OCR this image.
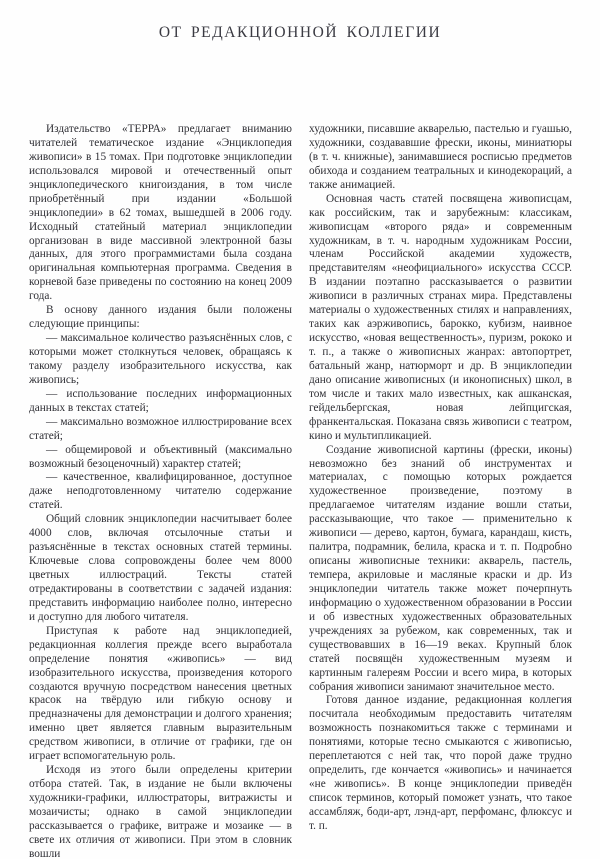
ОТ РЕДАКЦИОННОЙ КОЛЛЕГИИ

Издательство «ТЕРРА» предлагает вниманию читателей тематическое издание «Энциклопедия живописи» в 15 томах. При подготовке энциклопедии использовался мировой и отечественный опыт энциклопедического книгоиздания, в том числе приобретённый при издании «Большой энциклопедии» в 62 томах, вышедшей в 2006 году. Исходный статейный материал энциклопедии организован в виде массивной электронной базы данных, для этого программистами была создана оригинальная компьютерная программа. Сведения в корневой базе приведены по состоянию на конец 2009 года.

В основу данного издания были положены следующие принципы:

— максимальное количество разъяснённых слов, с которыми может столкнуться человек, обращаясь к такому разделу изобразительного искусства, как живопись;

— использование последних информационных данных в текстах статей;

— максимально возможное иллюстрирование всех статей;

— общемировой и объективный (максимально возможный безоценочный) характер статей;

— качественное, квалифицированное, доступное даже неподготовленному читателю содержание статей.

Общий словник энциклопедии насчитывает более 4000 слов, включая отсылочные статьи и разъяснённые в текстах основных статей термины. Ключевые слова сопровождены более чем 8000 цветных иллюстраций. Тексты статей отредактированы в соответствии с задачей издания: представить информацию наиболее полно, интересно и доступно для любого читателя.

Приступая к работе над энциклопедией, редакционная коллегия прежде всего выработала определение понятия «живопись» — вид изобразительного искусства, произведения которого создаются вручную посредством нанесения цветных красок на твёрдую или гибкую основу и предназначены для демонстрации и долгого хранения; именно цвет является главным выразительным средством живописи, в отличие от графики, где он играет вспомогательную роль.

Исходя из этого были определены критерии отбора статей. Так, в издание не были включены художники-графики, иллюстраторы, витражисты и мозаичисты; однако в самой энциклопедии рассказывается о графике, витраже и мозаике — в свете их отличия от живописи. При этом в словник вошли

художники, писавшие акварелью, пастелью и гуашью, художники, создававшие фрески, иконы, миниатюры (в т. ч. книжные), занимавшиеся росписью предметов обихода и созданием театральных и кинодекораций, а также анимацией.

Основная часть статей посвящена живописцам, как российским, так и зарубежным: классикам, живописцам «второго ряда» и современным художникам, в т. ч. народным художникам России, членам Российской академии художеств, представителям «неофициального» искусства СССР. В издании поэтапно рассказывается о развитии живописи в различных странах мира. Представлены материалы о художественных стилях и направлениях, таких как аэрживопись, барокко, кубизм, наивное искусство, «новая вещественность», пуризм, рококо и т. п., а также о живописных жанрах: автопортрет, батальный жанр, натюрморт и др. В энциклопедии дано описание живописных (и иконописных) школ, в том числе и таких мало известных, как ашканская, гейдельбергская, новая лейпцигская, франкентальская. Показана связь живописи с театром, кино и мультипликацией.

Создание живописной картины (фрески, иконы) невозможно без знаний об инструментах и материалах, с помощью которых рождается художественное произведение, поэтому в предлагаемое читателям издание вошли статьи, рассказывающие, что такое — применительно к живописи — дерево, картон, бумага, карандаш, кисть, палитра, подрамник, белила, краска и т. п. Подробно описаны живописные техники: акварель, пастель, темпера, акриловые и масляные краски и др. Из энциклопедии читатель также может почерпнуть информацию о художественном образовании в России и об известных художественных образовательных учреждениях за рубежом, как современных, так и существовавших в 16—19 веках. Крупный блок статей посвящён художественным музеям и картинным галереям России и всего мира, в которых собрания живописи занимают значительное место.

Готовя данное издание, редакционная коллегия посчитала необходимым предоставить читателям возможность познакомиться также с терминами и понятиями, которые тесно смыкаются с живописью, переплетаются с ней так, что порой даже трудно определить, где кончается «живопись» и начинается «не живопись». В конце энциклопедии приведён список терминов, который поможет узнать, что такое ассамбляж, боди-арт, лэнд-арт, перфоманс, флюксус и т. п.
